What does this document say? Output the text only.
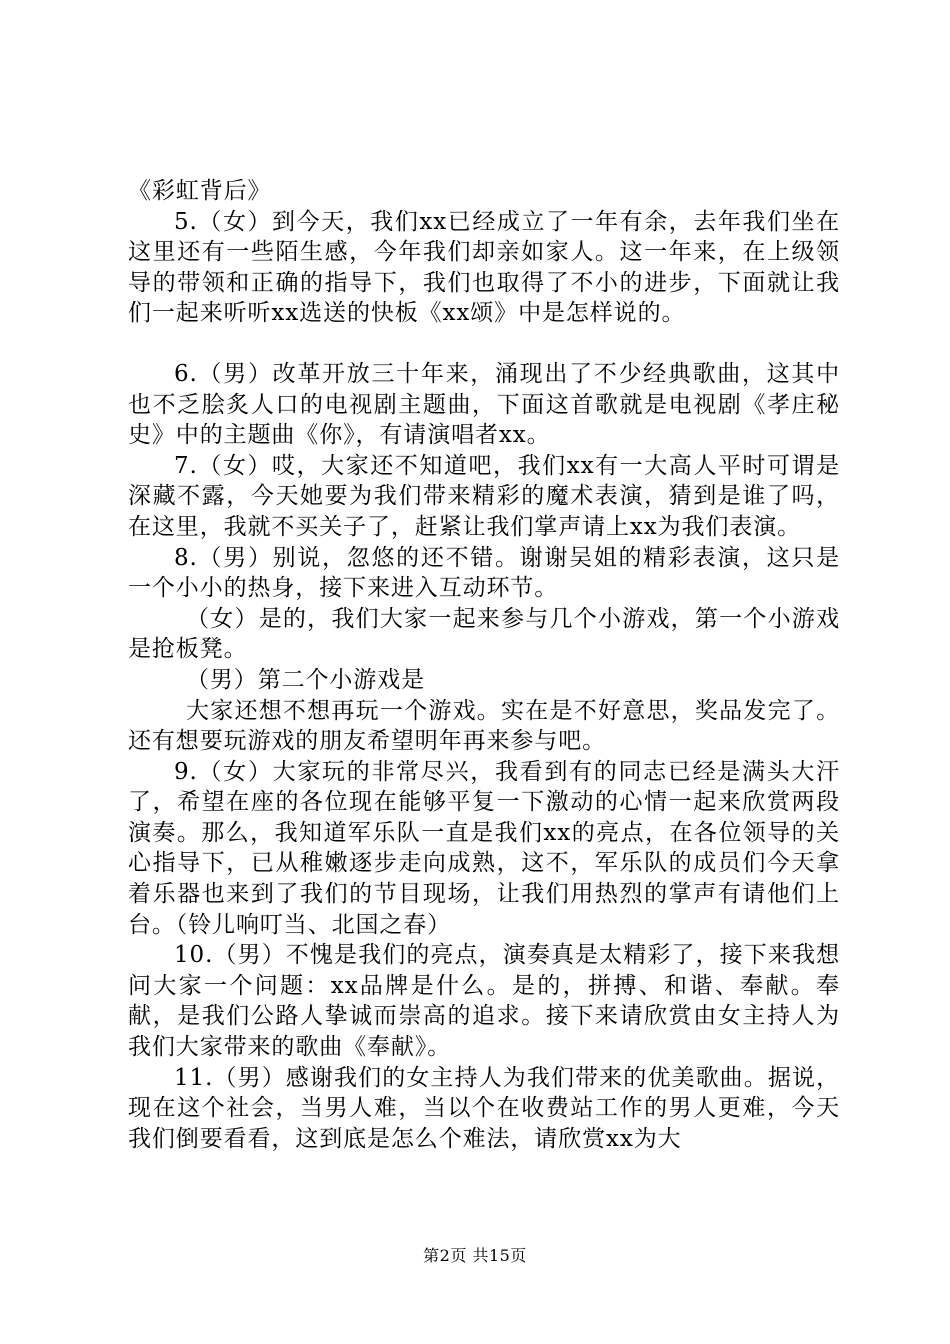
《彩虹背后》

5.（女）到今天，我们xx已经成立了一年有余，去年我们坐在这里还有一些陌生感，今年我们却亲如家人。这一年来，在上级领导的带领和正确的指导下，我们也取得了不小的进步，下面就让我们一起来听听xx选送的快板《xx颂》中是怎样说的。

6.（男）改革开放三十年来，涌现出了不少经典歌曲，这其中也不乏脍炙人口的电视剧主题曲，下面这首歌就是电视剧《孝庄秘史》中的主题曲《你》，有请演唱者xx。

7.（女）哎，大家还不知道吧，我们xx有一大高人平时可谓是深藏不露，今天她要为我们带来精彩的魔术表演，猜到是谁了吗，在这里，我就不买关子了，赶紧让我们掌声请上xx为我们表演。

8.（男）别说，忽悠的还不错。谢谢吴姐的精彩表演，这只是一个小小的热身，接下来进入互动环节。

（女）是的，我们大家一起来参与几个小游戏，第一个小游戏是抢板凳。

（男）第二个小游戏是

大家还想不想再玩一个游戏。实在是不好意思，奖品发完了。还有想要玩游戏的朋友希望明年再来参与吧。

9.（女）大家玩的非常尽兴，我看到有的同志已经是满头大汗了，希望在座的各位现在能够平复一下激动的心情一起来欣赏两段演奏。那么，我知道军乐队一直是我们xx的亮点，在各位领导的关心指导下，已从稚嫩逐步走向成熟，这不，军乐队的成员们今天拿着乐器也来到了我们的节目现场，让我们用热烈的掌声有请他们上台。（铃儿响叮当、北国之春）

10.（男）不愧是我们的亮点，演奏真是太精彩了，接下来我想问大家一个问题：xx品牌是什么。是的，拼搏、和谐、奉献。奉献，是我们公路人挚诚而崇高的追求。接下来请欣赏由女主持人为我们大家带来的歌曲《奉献》。

11.（男）感谢我们的女主持人为我们带来的优美歌曲。据说，现在这个社会，当男人难，当以个在收费站工作的男人更难，今天我们倒要看看，这到底是怎么个难法，请欣赏xx为大

第2页 共15页
